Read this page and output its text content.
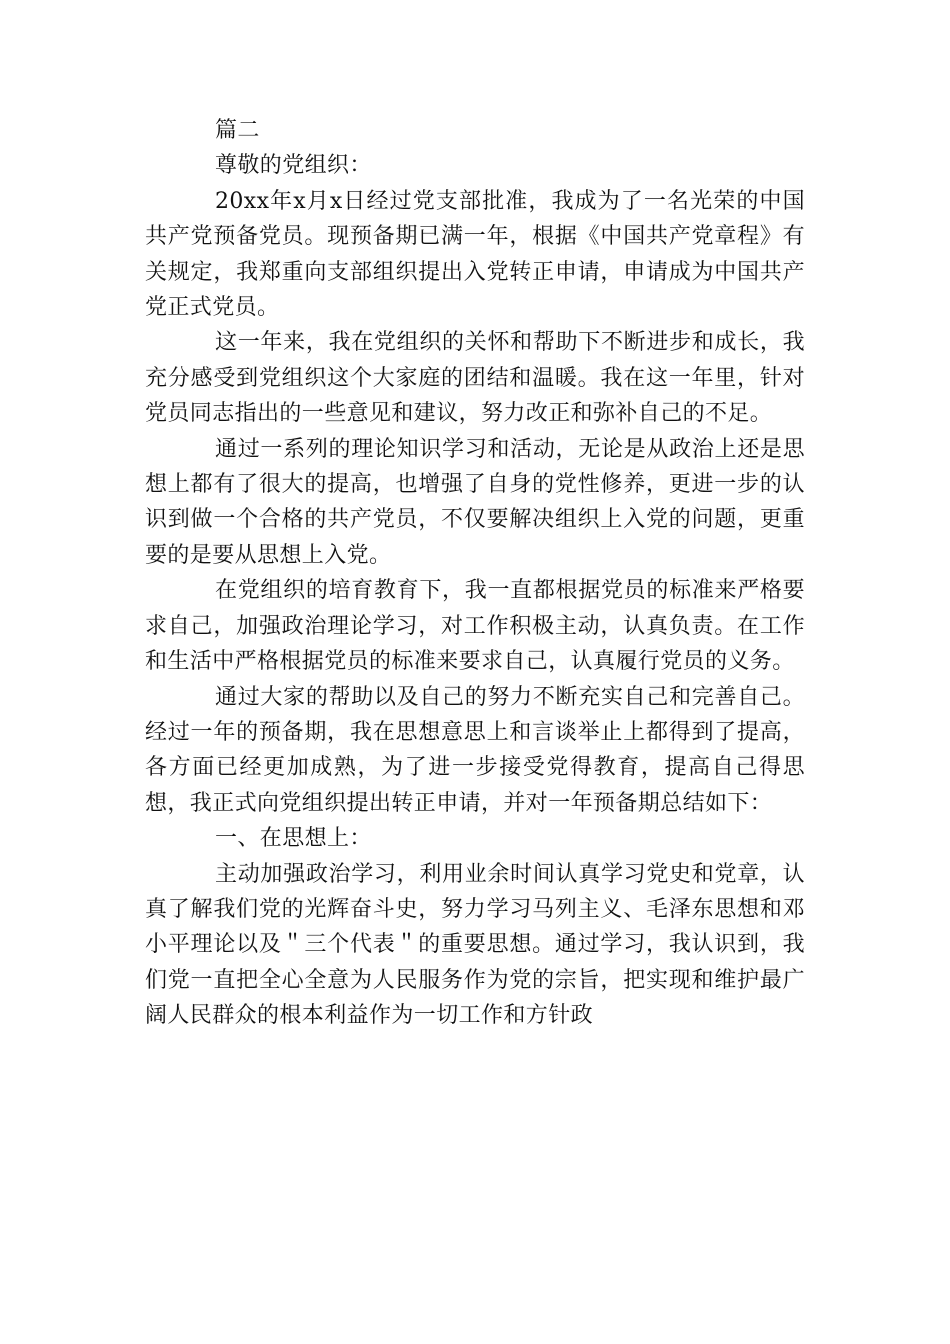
篇二

尊敬的党组织：

20xx年x月x日经过党支部批准，我成为了一名光荣的中国共产党预备党员。现预备期已满一年，根据《中国共产党章程》有关规定，我郑重向支部组织提出入党转正申请，申请成为中国共产党正式党员。

这一年来，我在党组织的关怀和帮助下不断进步和成长，我充分感受到党组织这个大家庭的团结和温暖。我在这一年里，针对党员同志指出的一些意见和建议，努力改正和弥补自己的不足。

通过一系列的理论知识学习和活动，无论是从政治上还是思想上都有了很大的提高，也增强了自身的党性修养，更进一步的认识到做一个合格的共产党员，不仅要解决组织上入党的问题，更重要的是要从思想上入党。

在党组织的培育教育下，我一直都根据党员的标准来严格要求自己，加强政治理论学习，对工作积极主动，认真负责。在工作和生活中严格根据党员的标准来要求自己，认真履行党员的义务。

通过大家的帮助以及自己的努力不断充实自己和完善自己。经过一年的预备期，我在思想意思上和言谈举止上都得到了提高，各方面已经更加成熟，为了进一步接受党得教育，提高自己得思想，我正式向党组织提出转正申请，并对一年预备期总结如下：

一、在思想上：

主动加强政治学习，利用业余时间认真学习党史和党章，认真了解我们党的光辉奋斗史，努力学习马列主义、毛泽东思想和邓小平理论以及＂三个代表＂的重要思想。通过学习，我认识到，我们党一直把全心全意为人民服务作为党的宗旨，把实现和维护最广阔人民群众的根本利益作为一切工作和方针政
